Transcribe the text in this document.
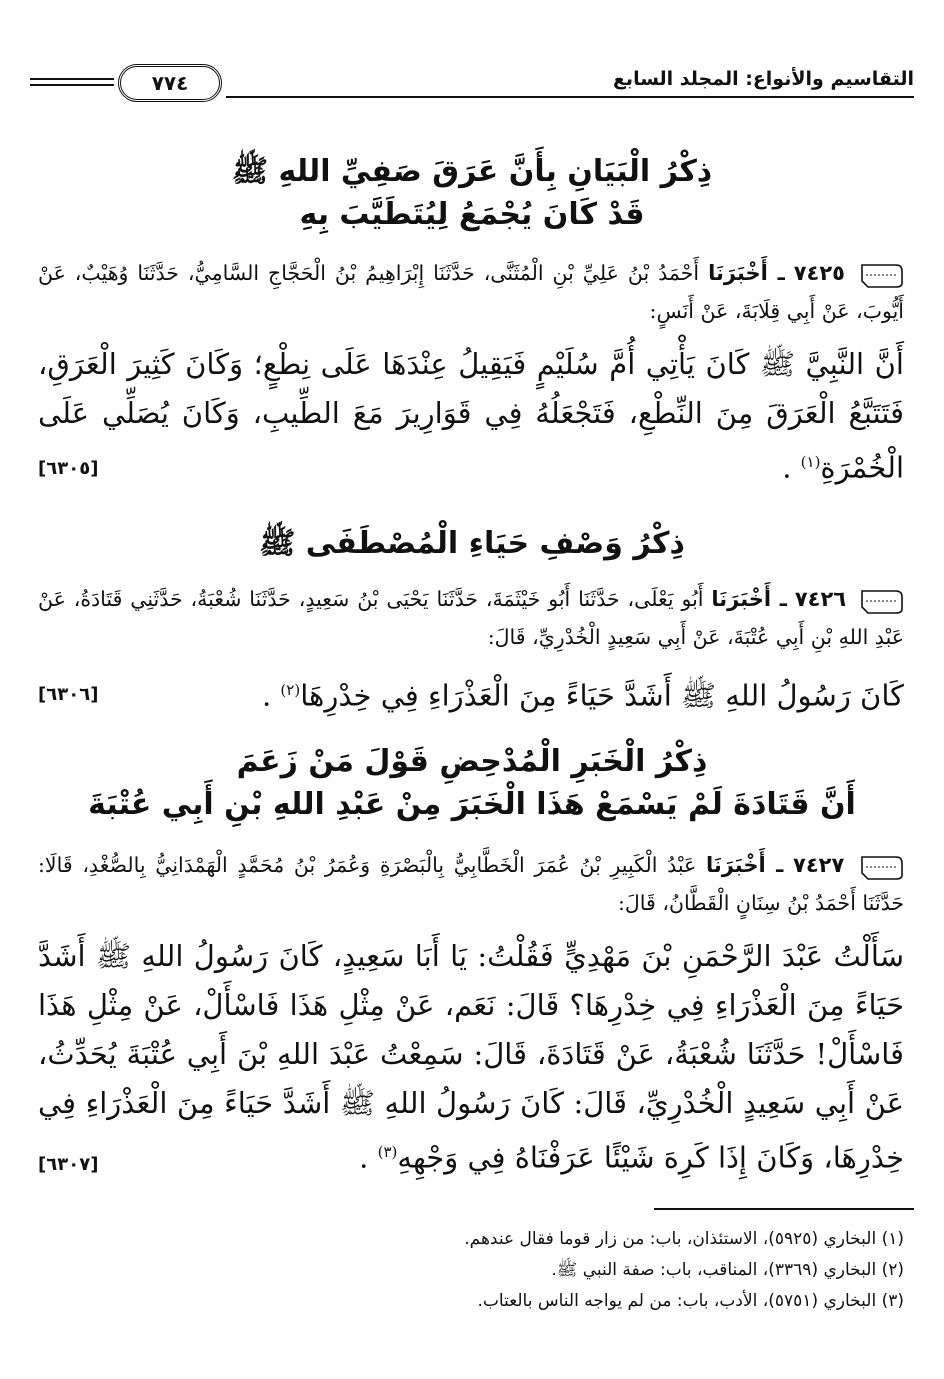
٧٧٤	التقاسيم والأنواع: المجلد السابع
ذِكْرُ الْبَيَانِ بِأَنَّ عَرَقَ صَفِيِّ اللهِ ﷺ
قَدْ كَانَ يُجْمَعُ لِيُتَطَيَّبَ بِهِ
٧٤٢٥ ـ أَخْبَرَنَا أَحْمَدُ بْنُ عَلِيِّ بْنِ الْمُثَنَّى، حَدَّثَنَا إِبْرَاهِيمُ بْنُ الْحَجَّاجِ السَّامِيُّ، حَدَّثَنَا وُهَيْبٌ، عَنْ أَيُّوبَ، عَنْ أَبِي قِلَابَةَ، عَنْ أَنَسٍ:
أَنَّ النَّبِيَّ ﷺ كَانَ يَأْتِي أُمَّ سُلَيْمٍ فَيَقِيلُ عِنْدَهَا عَلَى نِطْعٍ؛ وَكَانَ كَثِيرَ الْعَرَقِ، فَتَتَبَّعُ الْعَرَقَ مِنَ النِّطْعِ، فَتَجْعَلُهُ فِي قَوَارِيرَ مَعَ الطِّيبِ، وَكَانَ يُصَلِّي عَلَى الْخُمْرَةِ$^{(١)}$ .
[٦٣٠٥]
ذِكْرُ وَصْفِ حَيَاءِ الْمُصْطَفَى ﷺ
٧٤٢٦ ـ أَخْبَرَنَا أَبُو يَعْلَى، حَدَّثَنَا أَبُو خَيْثَمَةَ، حَدَّثَنَا يَحْيَى بْنُ سَعِيدٍ، حَدَّثَنَا شُعْبَةُ، حَدَّثَنِي قَتَادَةُ، عَنْ عَبْدِ اللهِ بْنِ أَبِي عُتْبَةَ، عَنْ أَبِي سَعِيدٍ الْخُدْرِيِّ، قَالَ:
كَانَ رَسُولُ اللهِ ﷺ أَشَدَّ حَيَاءً مِنَ الْعَذْرَاءِ فِي خِدْرِهَا$^{(٢)}$ .
[٦٣٠٦]
ذِكْرُ الْخَبَرِ الْمُدْحِضِ قَوْلَ مَنْ زَعَمَ
أَنَّ قَتَادَةَ لَمْ يَسْمَعْ هَذَا الْخَبَرَ مِنْ عَبْدِ اللهِ بْنِ أَبِي عُتْبَةَ
٧٤٢٧ ـ أَخْبَرَنَا عَبْدُ الْكَبِيرِ بْنُ عُمَرَ الْخَطَّابِيُّ بِالْبَصْرَةِ وَعُمَرُ بْنُ مُحَمَّدٍ الْهَمْدَانِيُّ بِالصُّغْدِ، قَالَا: حَدَّثَنَا أَحْمَدُ بْنُ سِنَانٍ الْقَطَّانُ، قَالَ:
سَأَلْتُ عَبْدَ الرَّحْمَنِ بْنَ مَهْدِيٍّ فَقُلْتُ: يَا أَبَا سَعِيدٍ، كَانَ رَسُولُ اللهِ ﷺ أَشَدَّ حَيَاءً مِنَ الْعَذْرَاءِ فِي خِدْرِهَا؟ قَالَ: نَعَم، عَنْ مِثْلِ هَذَا فَاسْأَلْ، عَنْ مِثْلِ هَذَا فَاسْأَلْ! حَدَّثَنَا شُعْبَةُ، عَنْ قَتَادَةَ، قَالَ: سَمِعْتُ عَبْدَ اللهِ بْنَ أَبِي عُتْبَةَ يُحَدِّثُ، عَنْ أَبِي سَعِيدٍ الْخُدْرِيِّ، قَالَ: كَانَ رَسُولُ اللهِ ﷺ أَشَدَّ حَيَاءً مِنَ الْعَذْرَاءِ فِي خِدْرِهَا، وَكَانَ إِذَا كَرِهَ شَيْئًا عَرَفْنَاهُ فِي وَجْهِهِ$^{(٣)}$ .
[٦٣٠٧]
(١) البخاري (٥٩٢٥)، الاستئذان، باب: من زار قوما فقال عندهم.
(٢) البخاري (٣٣٦٩)، المناقب، باب: صفة النبي ﷺ.
(٣) البخاري (٥٧٥١)، الأدب، باب: من لم يواجه الناس بالعتاب.
